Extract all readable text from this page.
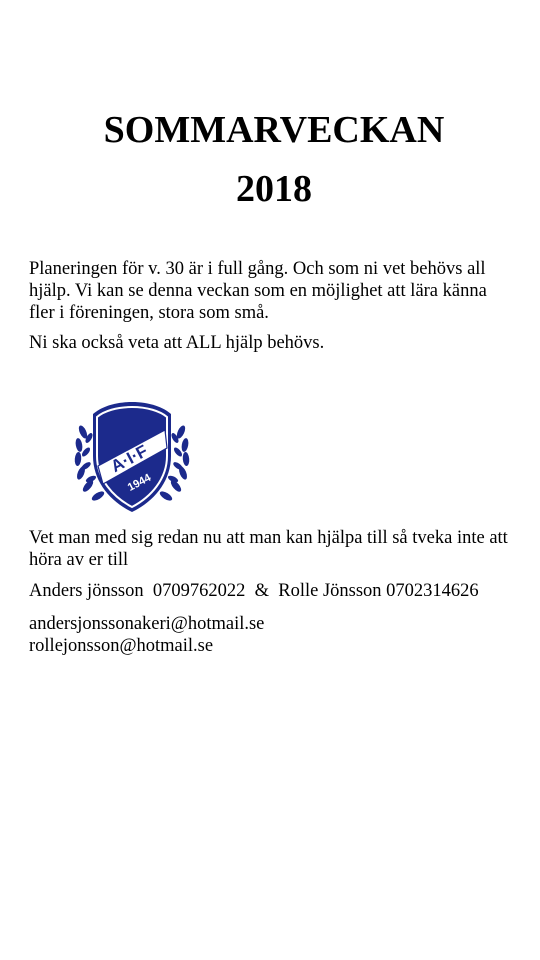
SOMMARVECKAN
2018

Planeringen för v. 30 är i full gång. Och som ni vet behövs all
hjälp. Vi kan se denna veckan som en möjlighet att lära känna
fler i föreningen, stora som små.

Ni ska också veta att ALL hjälp behövs.

A·I·F
1944

Vet man med sig redan nu att man kan hjälpa till så tveka inte att
höra av er till

Anders jönsson  0709762022  &  Rolle Jönsson 0702314626

andersjonssonakeri@hotmail.se
rollejonsson@hotmail.se
